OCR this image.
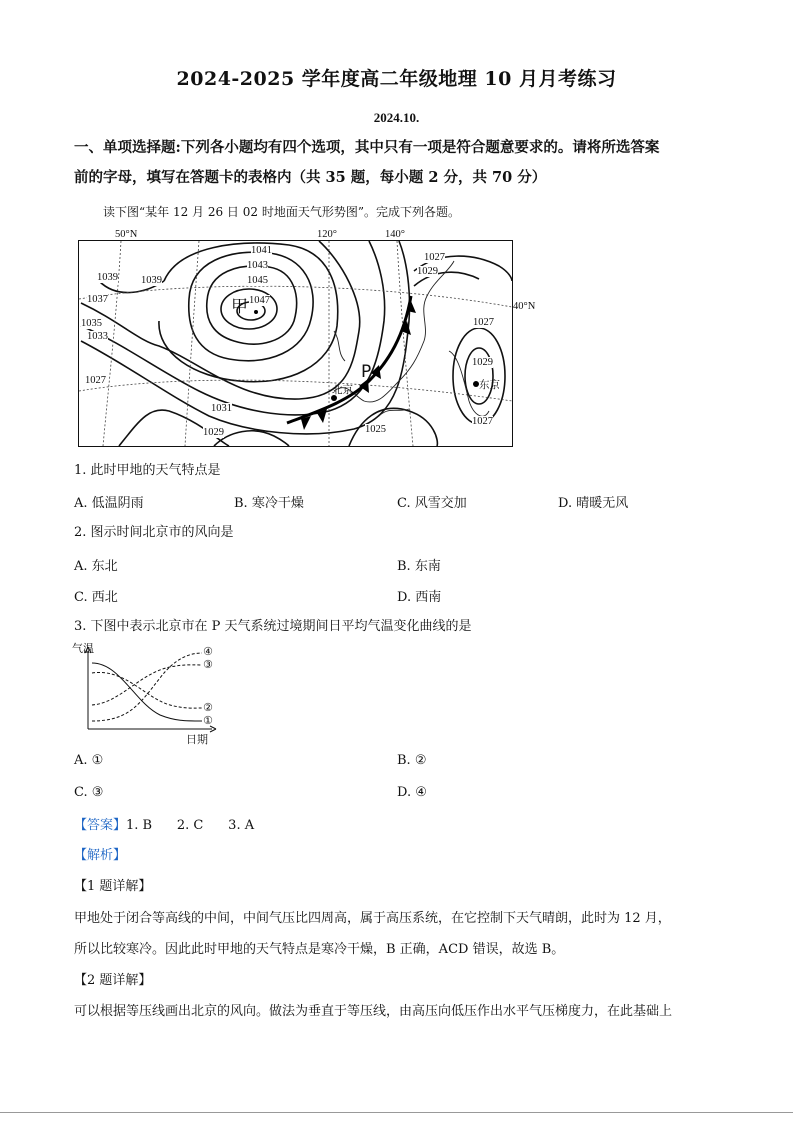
2024-2025 学年度高二年级地理 10 月月考练习
2024.10.
一、单项选择题:下列各小题均有四个选项，其中只有一项是符合题意要求的。请将所选答案
前的字母，填写在答题卡的表格内（共 35 题，每小题 2 分，共 70 分）
读下图“某年 12 月 26 日 02 时地面天气形势图”。完成下列各题。
50°N	120°	140°
1041
1043
1045
1047
1039 1039
1037
1035
1033
1027
1031
1029
1027
1029
1027
1029
1027
1025
甲
P
北京	东京
40°N
1. 此时甲地的天气特点是
A. 低温阴雨	B. 寒冷干燥	C. 风雪交加	D. 晴暖无风
2. 图示时间北京市的风向是
A. 东北	B. 东南
C. 西北	D. 西南
3. 下图中表示北京市在 P 天气系统过境期间日平均气温变化曲线的是
气温
日期
④
③
②
①
A. ①	B. ②
C. ③	D. ④
【答案】1. B      2. C      3. A
【解析】
【1 题详解】
甲地处于闭合等高线的中间，中间气压比四周高，属于高压系统，在它控制下天气晴朗，此时为 12 月，
所以比较寒冷。因此此时甲地的天气特点是寒冷干燥，B 正确，ACD 错误，故选 B。
【2 题详解】
可以根据等压线画出北京的风向。做法为垂直于等压线，由高压向低压作出水平气压梯度力，在此基础上
